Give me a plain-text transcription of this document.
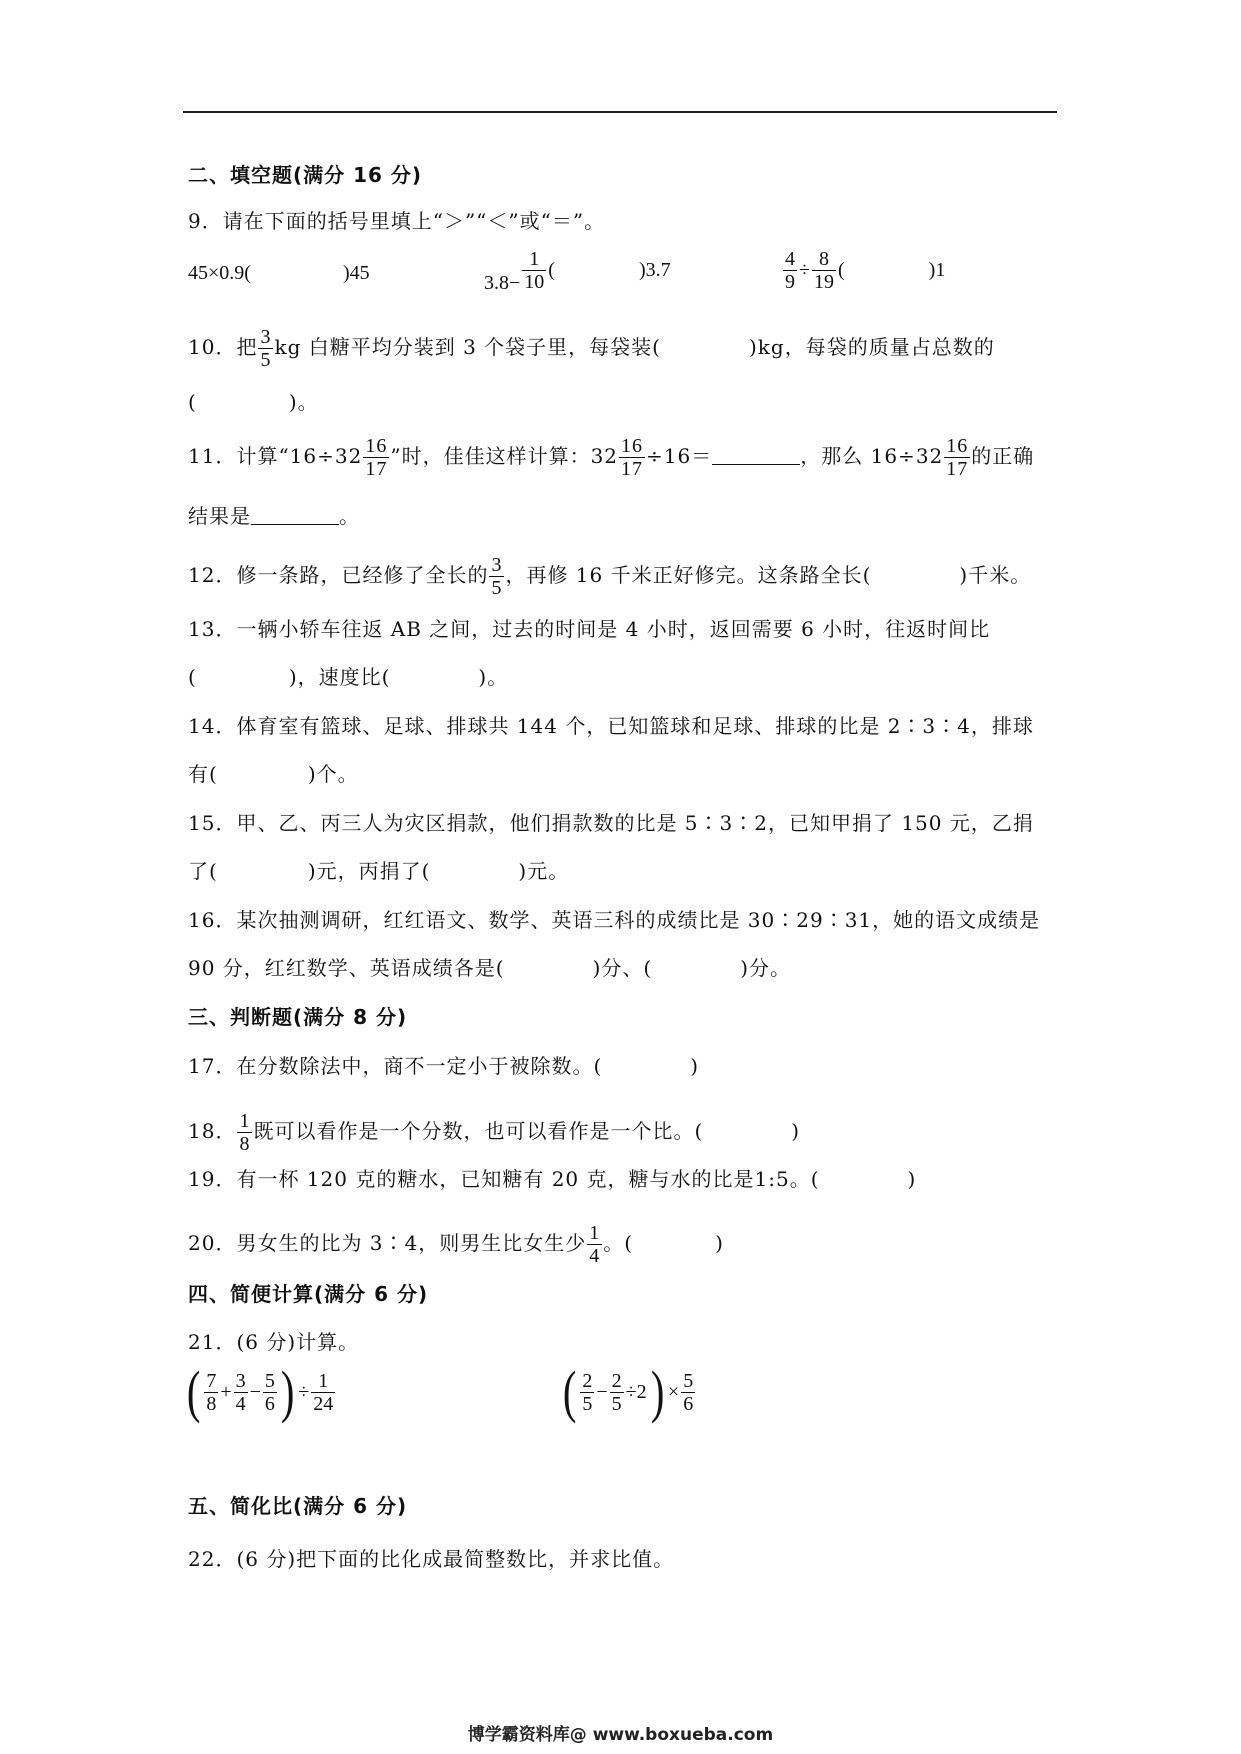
二、填空题(满分 16 分)
9．请在下面的括号里填上“＞”“＜”或“＝”。
45×0.9(	)45	$3.8- \frac{1}{10}$ (	)3.7	$\frac{4}{9} \div \frac{8}{19}$ (	)1
10．把 $\frac{3}{5}$ kg 白糖平均分装到 3 个袋子里，每袋装(	)kg，每袋的质量占总数的
(	)。
11．计算“$16\div 32 \frac{16}{17}$ ”时，佳佳这样计算：$32 \frac{16}{17} \div 16=$	，那么 $16\div 32 \frac{16}{17}$ 的正确
结果是	。
12．修一条路，已经修了全长的 $\frac{3}{5}$ ，再修 16 千米正好修完。这条路全长(	)千米。
13．一辆小轿车往返 AB 之间，过去的时间是 4 小时，返回需要 6 小时，往返时间比
(	)，速度比(	)。
14．体育室有篮球、足球、排球共 144 个，已知篮球和足球、排球的比是 2∶3∶4，排球
有(	)个。
15．甲、乙、丙三人为灾区捐款，他们捐款数的比是 5∶3∶2，已知甲捐了 150 元，乙捐
了(	)元，丙捐了(	)元。
16．某次抽测调研，红红语文、数学、英语三科的成绩比是 30∶29∶31，她的语文成绩是
90 分，红红数学、英语成绩各是(	)分、(	)分。
三、判断题(满分 8 分)
17．在分数除法中，商不一定小于被除数。(	)
18． $\frac{1}{8}$ 既可以看作是一个分数，也可以看作是一个比。(	)
19．有一杯 120 克的糖水，已知糖有 20 克，糖与水的比是1:5。(	)
20．男女生的比为 3∶4，则男生比女生少 $\frac{1}{4}$ 。(	)
四、简便计算(满分 6 分)
21．(6 分)计算。
( $\frac{7}{8} + \frac{3}{4} - \frac{5}{6}$ ) ÷ $\frac{1}{24}$	( $\frac{2}{5} - \frac{2}{5} \div 2) \times \frac{5}{6}$
五、简化比(满分 6 分)
22．(6 分)把下面的比化成最简整数比，并求比值。
博学霸资料库@ www.boxueba.com
